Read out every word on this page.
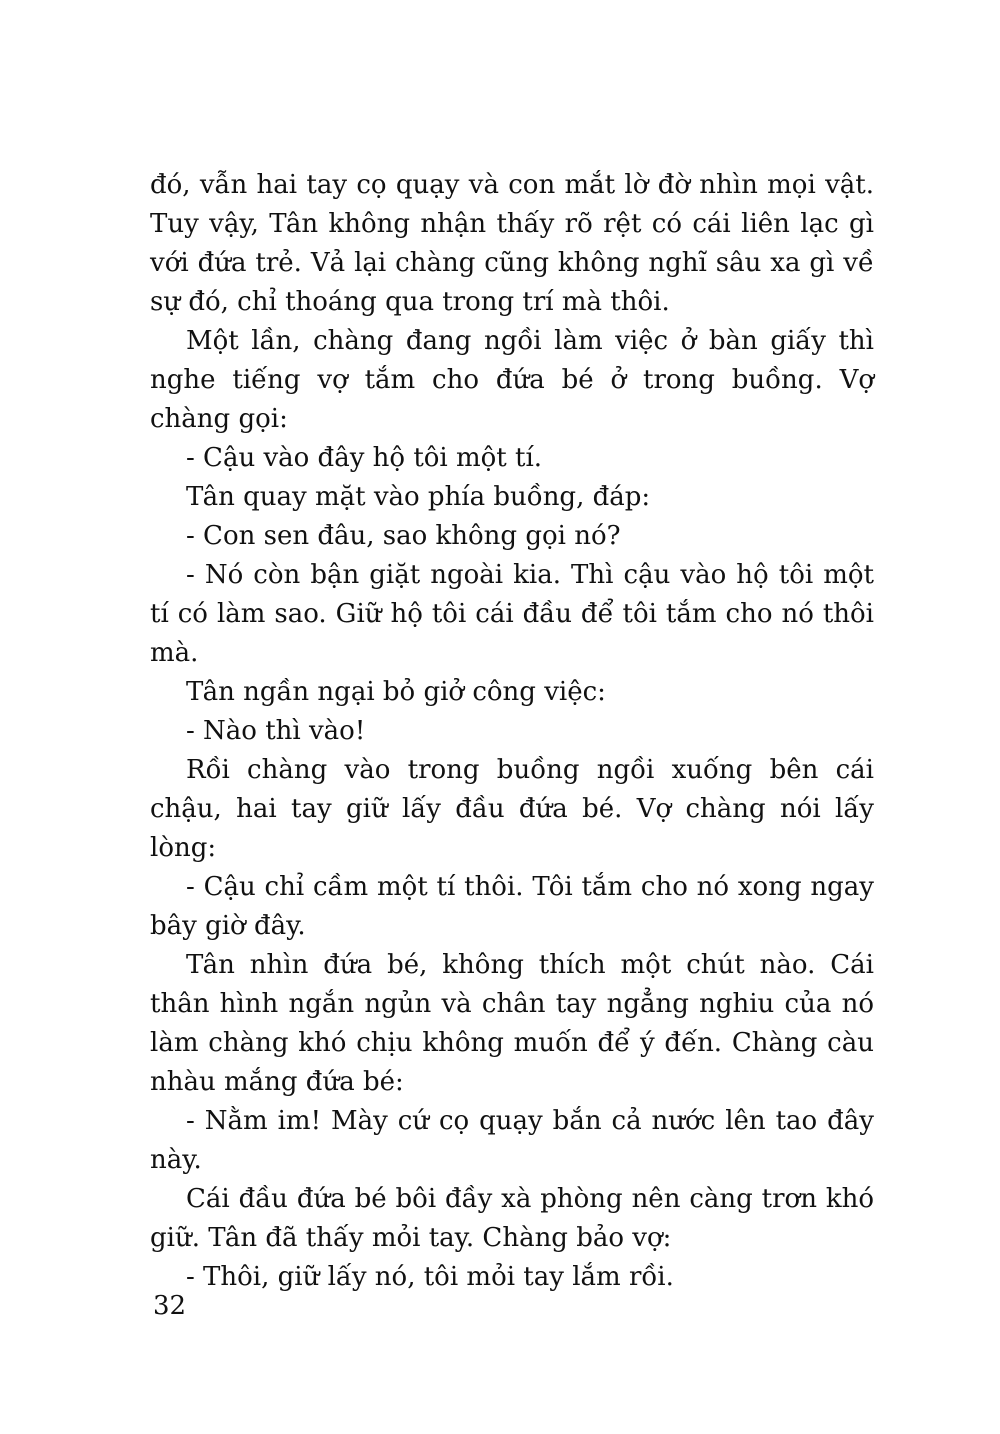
đó, vẫn hai tay cọ quạy và con mắt lờ đờ nhìn mọi vật. Tuy vậy, Tân không nhận thấy rõ rệt có cái liên lạc gì với đứa trẻ. Vả lại chàng cũng không nghĩ sâu xa gì về sự đó, chỉ thoáng qua trong trí mà thôi.

Một lần, chàng đang ngồi làm việc ở bàn giấy thì nghe tiếng vợ tắm cho đứa bé ở trong buồng. Vợ chàng gọi:

- Cậu vào đây hộ tôi một tí.

Tân quay mặt vào phía buồng, đáp:

- Con sen đâu, sao không gọi nó?

- Nó còn bận giặt ngoài kia. Thì cậu vào hộ tôi một tí có làm sao. Giữ hộ tôi cái đầu để tôi tắm cho nó thôi mà.

Tân ngần ngại bỏ giở công việc:

- Nào thì vào!

Rồi chàng vào trong buồng ngồi xuống bên cái chậu, hai tay giữ lấy đầu đứa bé. Vợ chàng nói lấy lòng:

- Cậu chỉ cầm một tí thôi. Tôi tắm cho nó xong ngay bây giờ đây.

Tân nhìn đứa bé, không thích một chút nào. Cái thân hình ngắn ngủn và chân tay ngẳng nghiu của nó làm chàng khó chịu không muốn để ý đến. Chàng càu nhàu mắng đứa bé:

- Nằm im! Mày cứ cọ quạy bắn cả nước lên tao đây này.

Cái đầu đứa bé bôi đầy xà phòng nên càng trơn khó giữ. Tân đã thấy mỏi tay. Chàng bảo vợ:

- Thôi, giữ lấy nó, tôi mỏi tay lắm rồi.

32
